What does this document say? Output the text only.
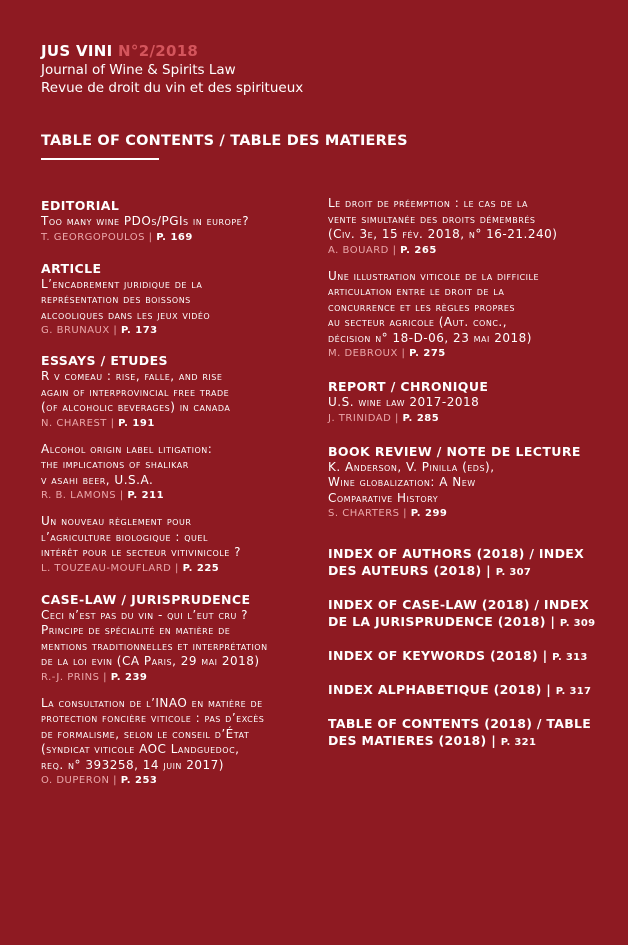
JUS VINI N°2/2018
Journal of Wine & Spirits Law
Revue de droit du vin et des spiritueux
TABLE OF CONTENTS / TABLE DES MATIERES
EDITORIAL
Too many wine PDOs/PGIs in europe?
T. GEORGOPOULOS | P. 169
ARTICLE
L’encadrement juridique de la
représentation des boissons
alcooliques dans les jeux vidéo
G. BRUNAUX | P. 173
ESSAYS / ETUDES
R v comeau : rise, falle, and rise
again of interprovincial free trade
(of alcoholic beverages) in canada
N. CHAREST | P. 191
Alcohol origin label litigation:
the implications of shalikar
v asahi beer, U.S.A.
R. B. LAMONS | P. 211
Un nouveau règlement pour
l’agriculture biologique : quel
intérêt pour le secteur vitivinicole ?
L. TOUZEAU-MOUFLARD | P. 225
CASE-LAW / JURISPRUDENCE
Ceci n’est pas du vin - qui l’eut cru ?
Principe de spécialité en matière de
mentions traditionnelles et interprétation
de la loi evin (CA Paris, 29 mai 2018)
R.-J. PRINS | P. 239
La consultation de l’INAO en matière de
protection foncière viticole : pas d’excès
de formalisme, selon le conseil d’État
(syndicat viticole AOC Landguedoc,
req. n° 393258, 14 juin 2017)
O. DUPERON | P. 253
Le droit de préemption : le cas de la
vente simultanée des droits démembrés
(Civ. 3e, 15 fév. 2018, n° 16-21.240)
A. BOUARD | P. 265
Une illustration viticole de la difficile
articulation entre le droit de la
concurrence et les règles propres
au secteur agricole (Aut. conc.,
décision n° 18-D-06, 23 mai 2018)
M. DEBROUX | P. 275
REPORT / CHRONIQUE
U.S. wine law 2017-2018
J. TRINIDAD | P. 285
BOOK REVIEW / NOTE DE LECTURE
K. Anderson, V. Pinilla (eds),
Wine globalization: A New
Comparative History
S. CHARTERS | P. 299
INDEX OF AUTHORS (2018) / INDEX
DES AUTEURS (2018) | P. 307
INDEX OF CASE-LAW (2018) / INDEX
DE LA JURISPRUDENCE (2018) | P. 309
INDEX OF KEYWORDS (2018) | P. 313
INDEX ALPHABETIQUE (2018) | P. 317
TABLE OF CONTENTS (2018) / TABLE
DES MATIERES (2018) | P. 321
